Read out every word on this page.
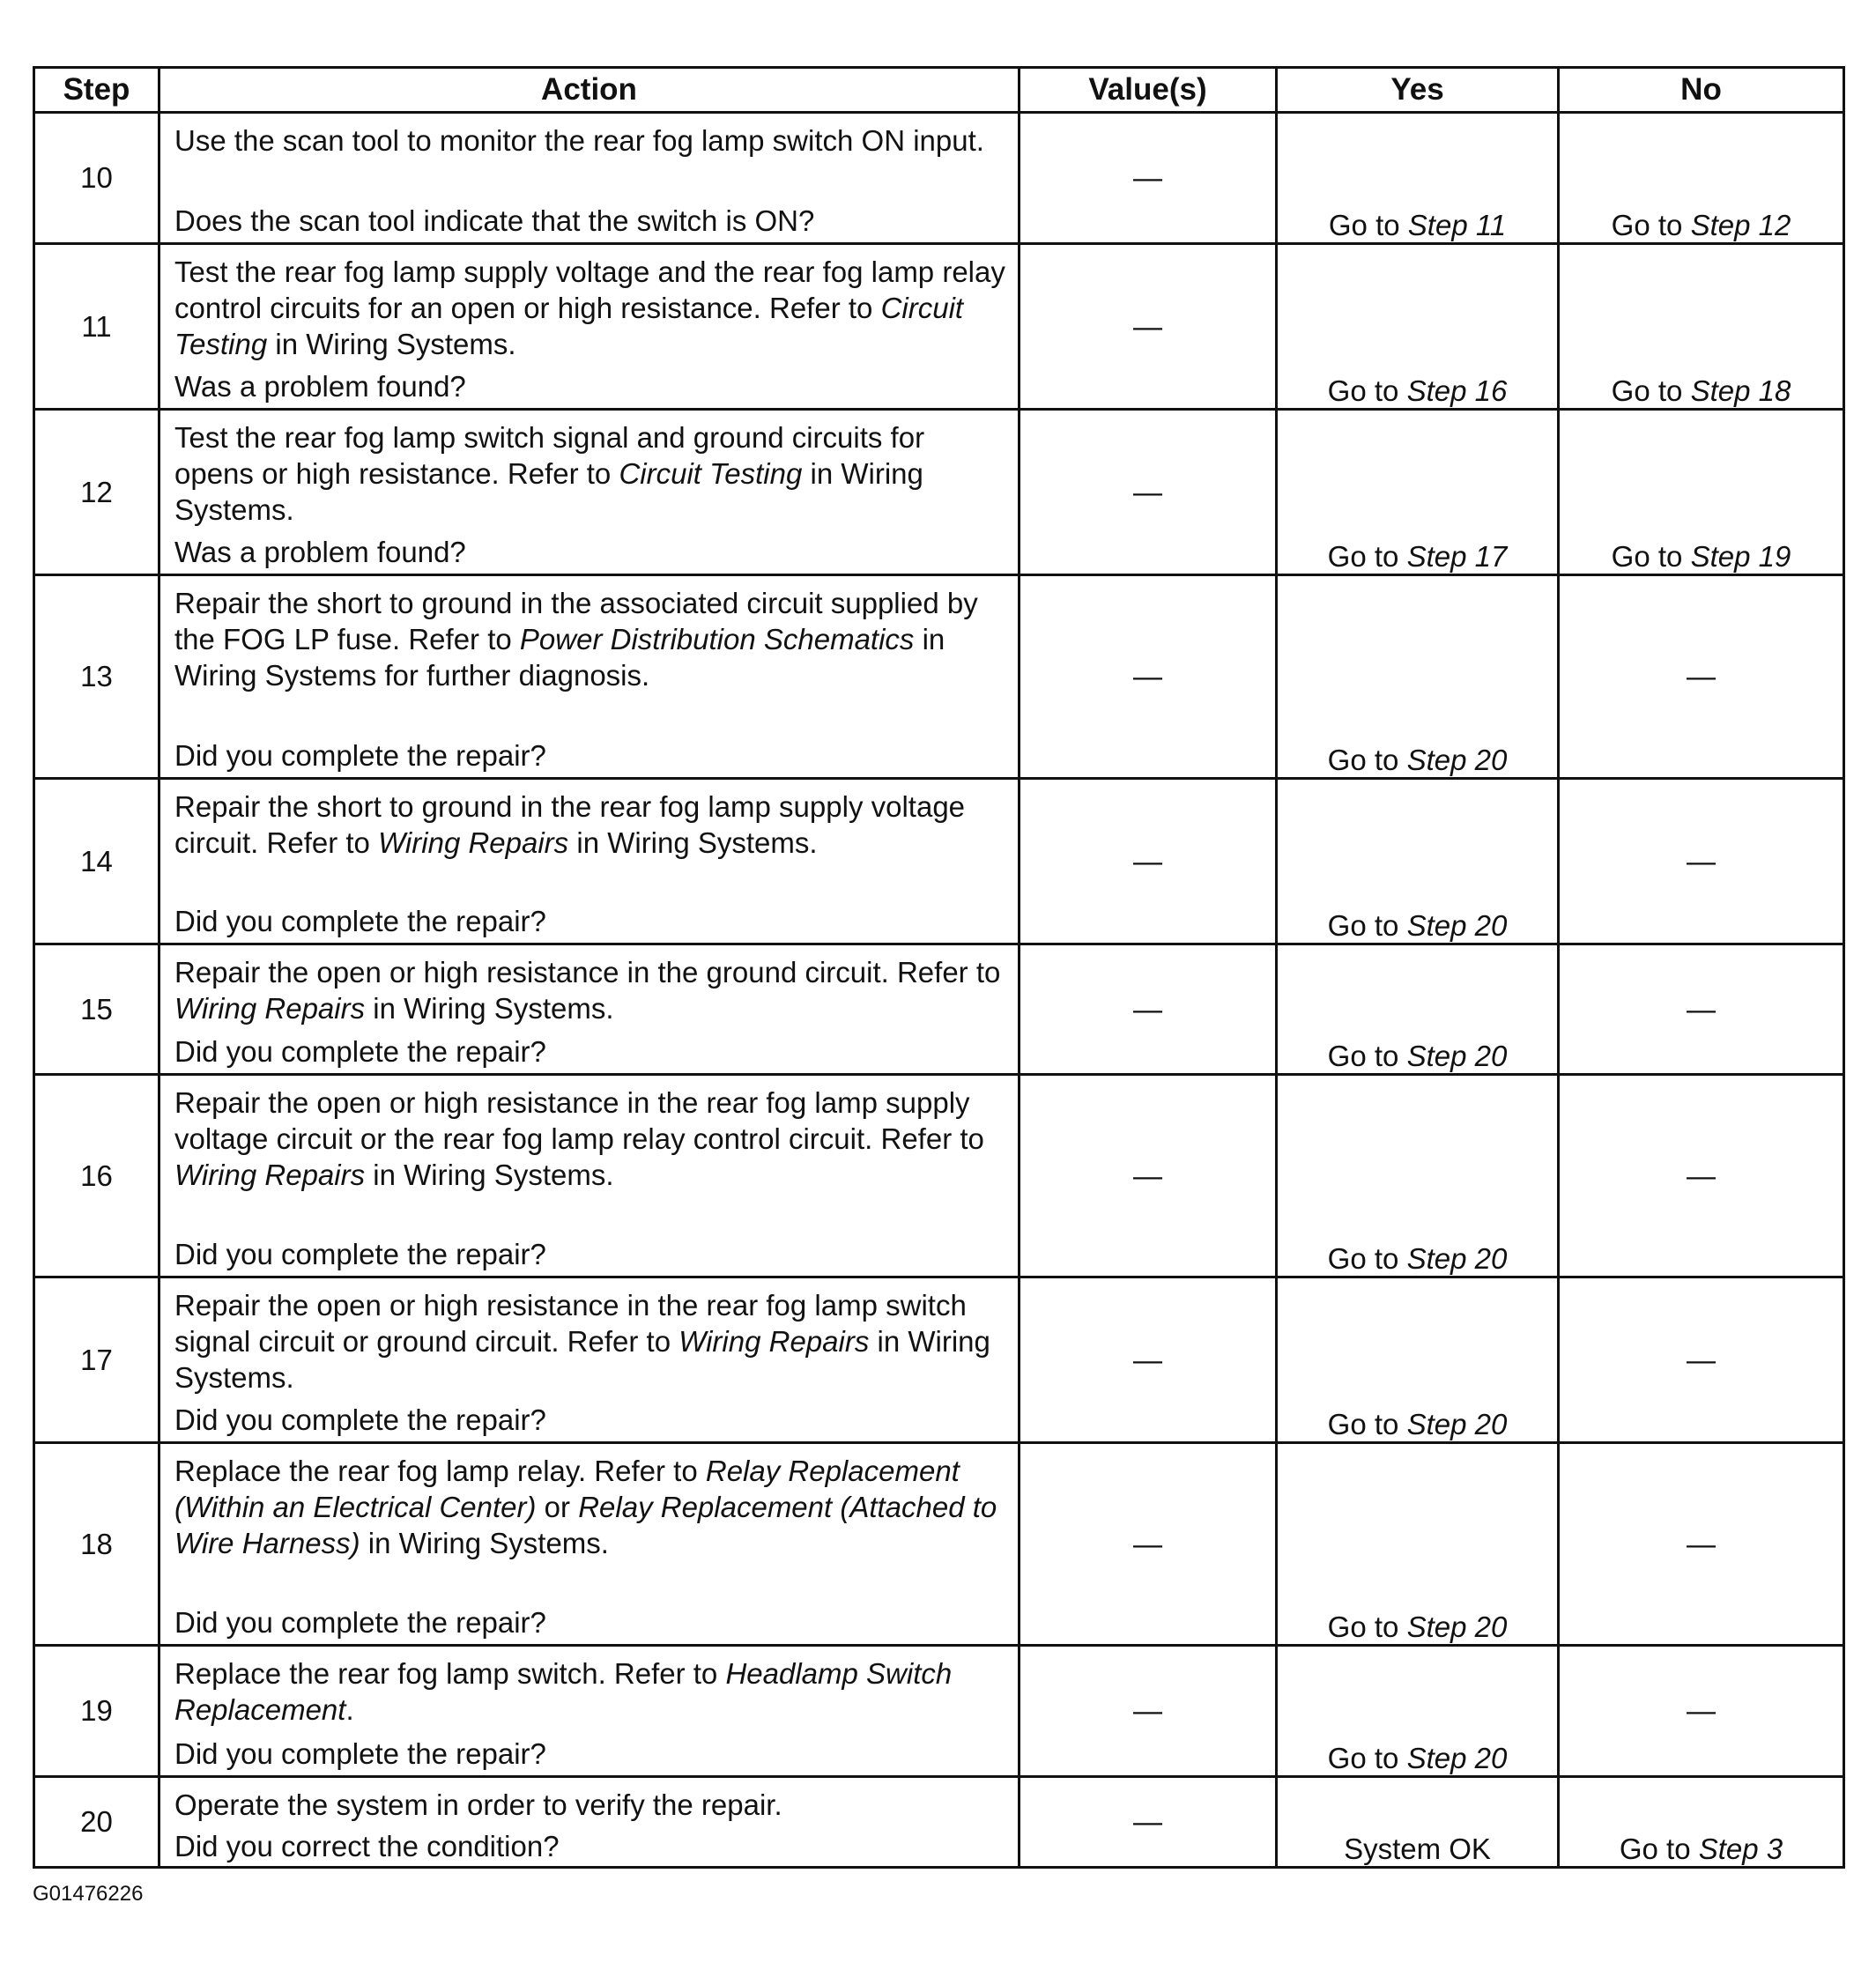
Step	Action	Value(s)	Yes	No
10	Use the scan tool to monitor the rear fog lamp switch ON input.
Does the scan tool indicate that the switch is ON?	—	Go to Step 11	Go to Step 12
11	Test the rear fog lamp supply voltage and the rear fog lamp relay control circuits for an open or high resistance. Refer to Circuit Testing in Wiring Systems.
Was a problem found?	—	Go to Step 16	Go to Step 18
12	Test the rear fog lamp switch signal and ground circuits for opens or high resistance. Refer to Circuit Testing in Wiring Systems.
Was a problem found?	—	Go to Step 17	Go to Step 19
13	Repair the short to ground in the associated circuit supplied by the FOG LP fuse. Refer to Power Distribution Schematics in Wiring Systems for further diagnosis.
Did you complete the repair?	—	Go to Step 20	—
14	Repair the short to ground in the rear fog lamp supply voltage circuit. Refer to Wiring Repairs in Wiring Systems.
Did you complete the repair?	—	Go to Step 20	—
15	Repair the open or high resistance in the ground circuit. Refer to Wiring Repairs in Wiring Systems.
Did you complete the repair?	—	Go to Step 20	—
16	Repair the open or high resistance in the rear fog lamp supply voltage circuit or the rear fog lamp relay control circuit. Refer to Wiring Repairs in Wiring Systems.
Did you complete the repair?	—	Go to Step 20	—
17	Repair the open or high resistance in the rear fog lamp switch signal circuit or ground circuit. Refer to Wiring Repairs in Wiring Systems.
Did you complete the repair?	—	Go to Step 20	—
18	Replace the rear fog lamp relay. Refer to Relay Replacement (Within an Electrical Center) or Relay Replacement (Attached to Wire Harness) in Wiring Systems.
Did you complete the repair?	—	Go to Step 20	—
19	Replace the rear fog lamp switch. Refer to Headlamp Switch Replacement.
Did you complete the repair?	—	Go to Step 20	—
20	Operate the system in order to verify the repair.
Did you correct the condition?	—	System OK	Go to Step 3
G01476226
